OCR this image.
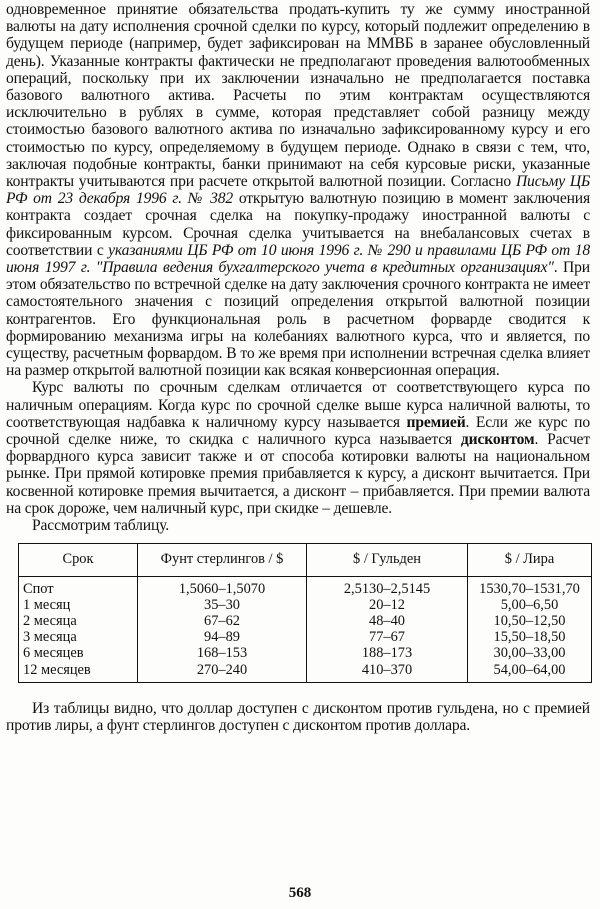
одновременное принятие обязательства продать-купить ту же сумму иностранной валюты на дату исполнения срочной сделки по курсу, который подлежит определению в будущем периоде (например, будет зафиксирован на ММВБ в заранее обусловленный день). Указанные контракты фактически не предполагают проведения валютообменных операций, поскольку при их заключении изначально не предполагается поставка базового валютного актива. Расчеты по этим контрактам осуществляются исключительно в рублях в сумме, которая представляет собой разницу между стоимостью базового валютного актива по изначально зафиксированному курсу и его стоимостью по курсу, определяемому в будущем периоде. Однако в связи с тем, что, заключая подобные контракты, банки принимают на себя курсовые риски, указанные контракты учитываются при расчете открытой валютной позиции. Согласно Письму ЦБ РФ от 23 декабря 1996 г. № 382 открытую валютную позицию в момент заключения контракта создает срочная сделка на покупку-продажу иностранной валюты с фиксированным курсом. Срочная сделка учитывается на внебалансовых счетах в соответствии с указаниями ЦБ РФ от 10 июня 1996 г. № 290 и правилами ЦБ РФ от 18 июня 1997 г. "Правила ведения бухгалтерского учета в кредитных организациях". При этом обязательство по встречной сделке на дату заключения срочного контракта не имеет самостоятельного значения с позиций определения открытой валютной позиции контрагентов. Его функциональная роль в расчетном форварде сводится к формированию механизма игры на колебаниях валютного курса, что и является, по существу, расчетным форвардом. В то же время при исполнении встречная сделка влияет на размер открытой валютной позиции как всякая конверсионная операция.

Курс валюты по срочным сделкам отличается от соответствующего курса по наличным операциям. Когда курс по срочной сделке выше курса наличной валюты, то соответствующая надбавка к наличному курсу называется премией. Если же курс по срочной сделке ниже, то скидка с наличного курса называется дисконтом. Расчет форвардного курса зависит также и от способа котировки валюты на национальном рынке. При прямой котировке премия прибавляется к курсу, а дисконт вычитается. При косвенной котировке премия вычитается, а дисконт – прибавляется. При премии валюта на срок дороже, чем наличный курс, при скидке – дешевле.

Рассмотрим таблицу.

Срок	Фунт стерлингов / $	$ / Гульден	$ / Лира
Спот	1,5060–1,5070	2,5130–2,5145	1530,70–1531,70
1 месяц	35–30	20–12	5,00–6,50
2 месяца	67–62	48–40	10,50–12,50
3 месяца	94–89	77–67	15,50–18,50
6 месяцев	168–153	188–173	30,00–33,00
12 месяцев	270–240	410–370	54,00–64,00

Из таблицы видно, что доллар доступен с дисконтом против гульдена, но с премией против лиры, а фунт стерлингов доступен с дисконтом против доллара.

568
